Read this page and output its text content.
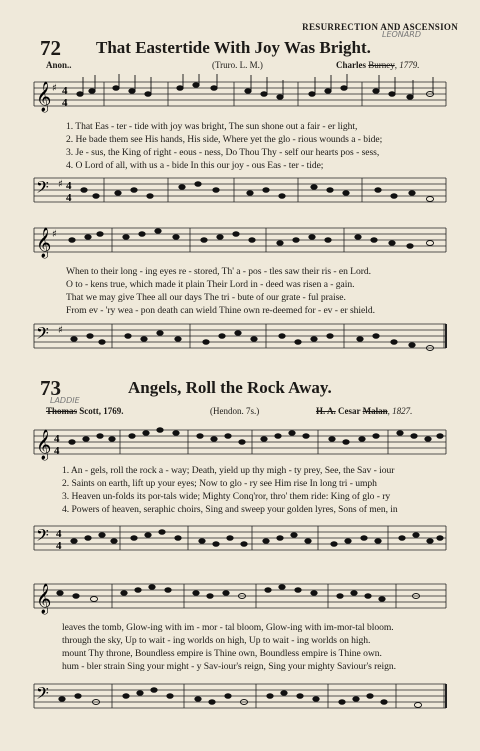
RESURRECTION AND ASCENSION
72 That Eastertide With Joy Was Bright.
LEONARD
Anon..	(Truro. L. M.)	Charles Burney, 1779.
𝄞 ♯ 4
4
1. That Eas - ter - tide with joy was bright, The sun shone out a fair - er light,
2. He bade them see His hands, His side, Where yet the glo - rious wounds a - bide;
3. Je - sus, the King of right - eous - ness, Do Thou Thy - self our hearts pos - sess,
4. O Lord of all, with us a - bide In this our joy - ous Eas - ter - tide;
𝄢 ♯ 4
4
𝄞 ♯
When to their long - ing eyes re - stored, Th' a - pos - tles saw their ris - en Lord.
O to - kens true, which made it plain Their Lord in - deed was risen a - gain.
That we may give Thee all our days The tri - bute of our grate - ful praise.
From ev - 'ry wea - pon death can wield Thine own re-deemed for - ev - er shield.
𝄢 ♯
73	Angels, Roll the Rock Away.
LADDIE
Thomas Scott, 1769.	(Hendon. 7s.)	H. A. Cesar Malan, 1827.
𝄞 4
4
1. An - gels, roll the rock a - way; Death, yield up thy migh - ty prey, See, the Sav - iour
2. Saints on earth, lift up your eyes; Now to glo - ry see Him rise In long tri - umph
3. Heaven un-folds its por-tals wide; Mighty Conq'ror, thro' them ride: King of glo - ry
4. Powers of heaven, seraphic choirs, Sing and sweep your golden lyres, Sons of men, in
𝄢 4
4
𝄞
leaves the tomb, Glow-ing with im - mor - tal bloom, Glow-ing with im-mor-tal bloom.
through the sky, Up to wait - ing worlds on high, Up to wait - ing worlds on high.
mount Thy throne, Boundless empire is Thine own, Boundless empire is Thine own.
hum - bler strain Sing your might - y Sav-iour's reign, Sing your mighty Saviour's reign.
𝄢
